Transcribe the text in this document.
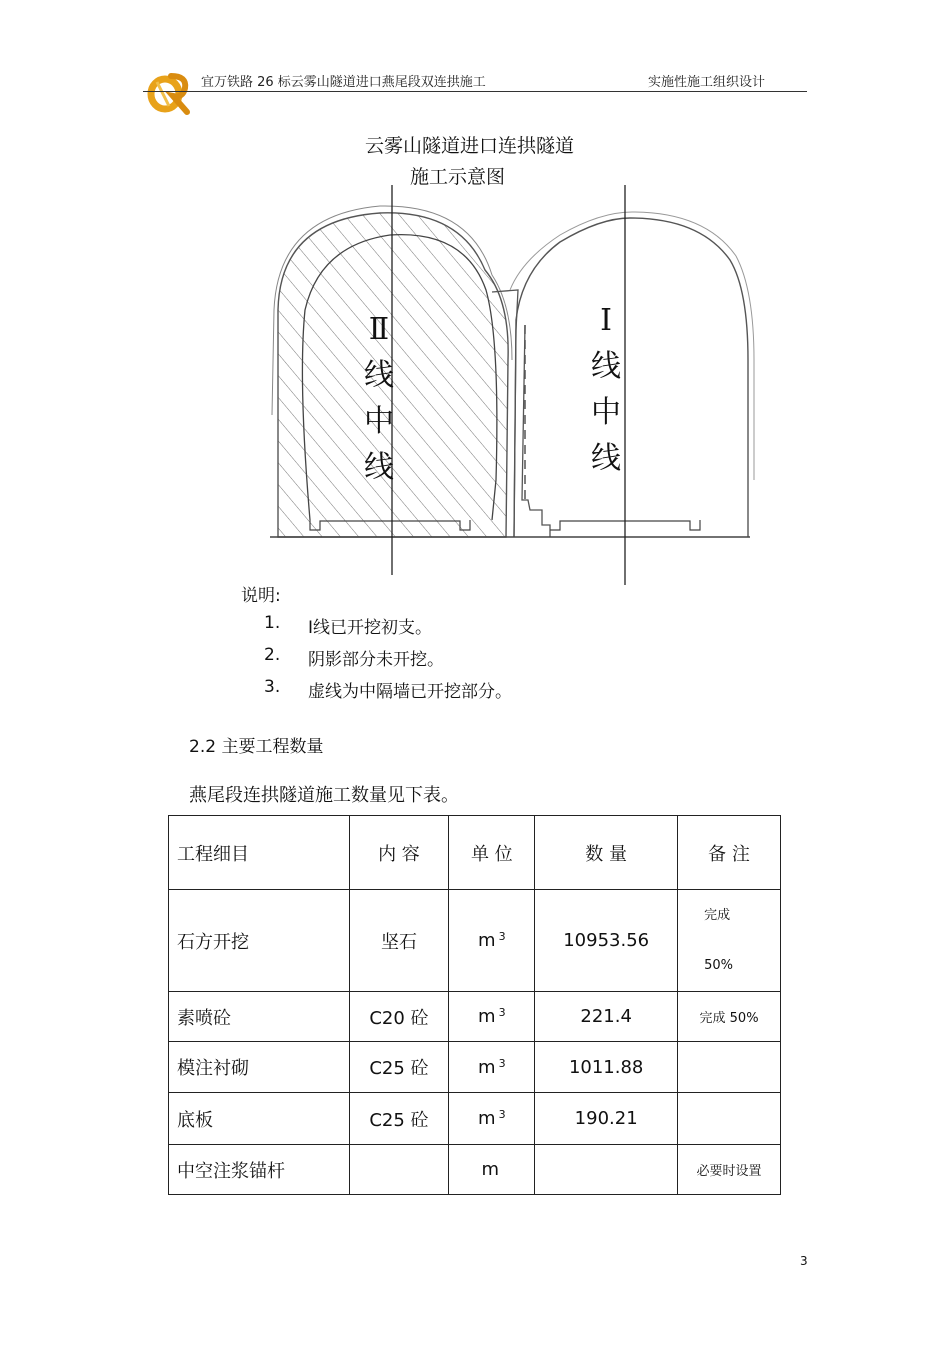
宜万铁路 26 标云雾山隧道进口燕尾段双连拱施工	实施性施工组织设计
云雾山隧道进口连拱隧道
施工示意图
Ⅱ
线
中
线
Ⅰ
线
中
线
说明:
1. Ⅰ线已开挖初支。
2. 阴影部分未开挖。
3. 虚线为中隔墙已开挖部分。
2.2 主要工程数量
燕尾段连拱隧道施工数量见下表。
工程细目	内 容	单 位	数 量	备 注
石方开挖	坚石	m $^3$	10953.56	完成
50%

素喷砼	C20 砼	m $^3$	221.4	完成 50%
模注衬砌	C25 砼	m $^3$	1011.88	
底板	C25 砼	m $^3$	190.21	
中空注浆锚杆		m		必要时设置
3
